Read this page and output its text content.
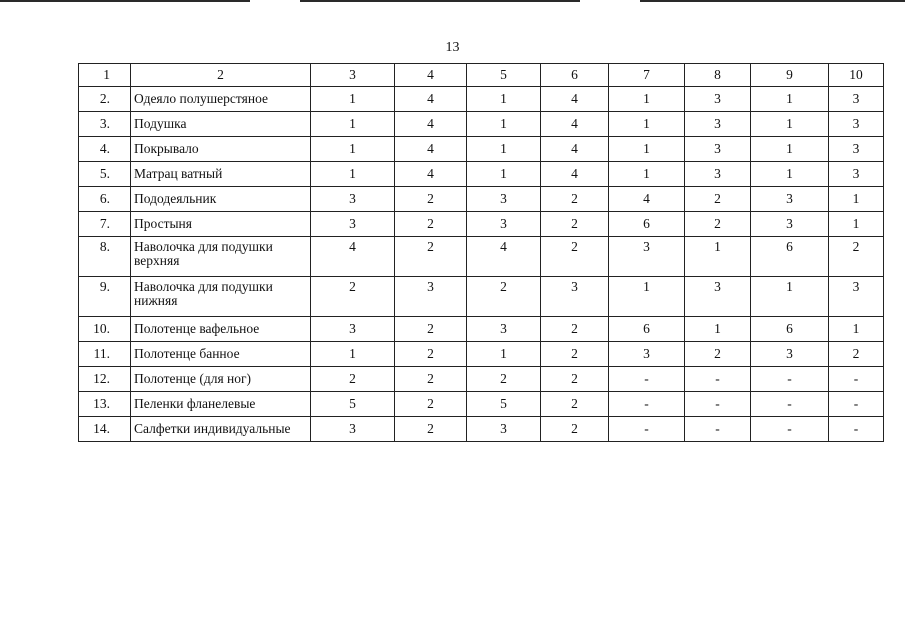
13
1	2	3	4	5	6	7	8	9	10
2.	Одеяло полушерстяное	1	4	1	4	1	3	1	3
3.	Подушка	1	4	1	4	1	3	1	3
4.	Покрывало	1	4	1	4	1	3	1	3
5.	Матрац ватный	1	4	1	4	1	3	1	3
6.	Пододеяльник	3	2	3	2	4	2	3	1
7.	Простыня	3	2	3	2	6	2	3	1
8.	Наволочка для подушки верхняя	4	2	4	2	3	1	6	2
9.	Наволочка для подушки нижняя	2	3	2	3	1	3	1	3
10.	Полотенце вафельное	3	2	3	2	6	1	6	1
11.	Полотенце банное	1	2	1	2	3	2	3	2
12.	Полотенце (для ног)	2	2	2	2	-	-	-	-
13.	Пеленки фланелевые	5	2	5	2	-	-	-	-
14.	Салфетки индивидуальные	3	2	3	2	-	-	-	-
